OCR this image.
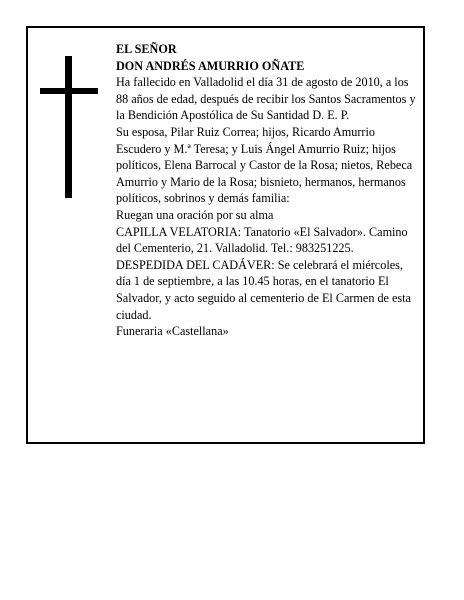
EL SEÑOR
DON ANDRÉS AMURRIO OÑATE

Ha fallecido en Valladolid el día 31 de agosto de 2010, a los 88 años de edad, después de recibir los Santos Sacramentos y la Bendición Apostólica de Su Santidad D. E. P.

Su esposa, Pilar Ruiz Correa; hijos, Ricardo Amurrio Escudero y M.ª Teresa; y Luis Ángel Amurrio Ruiz; hijos políticos, Elena Barrocal y Castor de la Rosa; nietos, Rebeca Amurrio y Mario de la Rosa; bisnieto, hermanos, hermanos políticos, sobrinos y demás familia:

Ruegan una oración por su alma

CAPILLA VELATORIA: Tanatorio «El Salvador». Camino del Cementerio, 21. Valladolid. Tel.: 983251225.

DESPEDIDA DEL CADÁVER: Se celebrará el miércoles, día 1 de septiembre, a las 10.45 horas, en el tanatorio El Salvador, y acto seguido al cementerio de El Carmen de esta ciudad.

Funeraria «Castellana»
